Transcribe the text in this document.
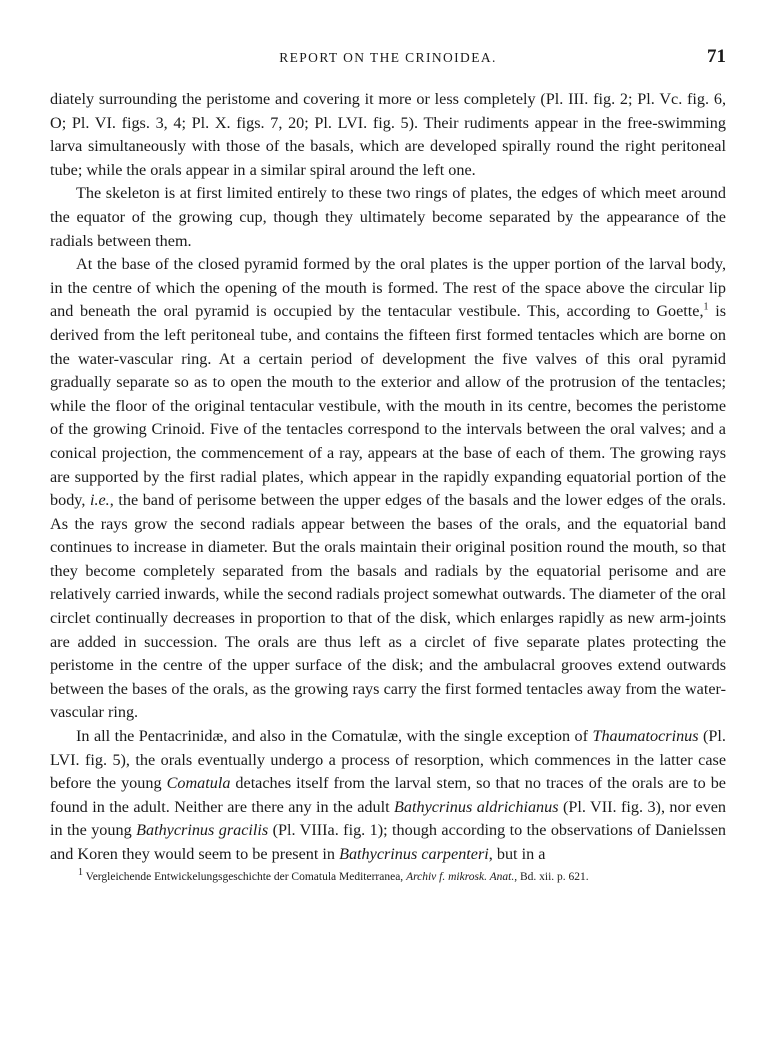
REPORT ON THE CRINOIDEA.	71

diately surrounding the peristome and covering it more or less completely (Pl. III. fig. 2; Pl. Vc. fig. 6, O; Pl. VI. figs. 3, 4; Pl. X. figs. 7, 20; Pl. LVI. fig. 5). Their rudiments appear in the free-swimming larva simultaneously with those of the basals, which are developed spirally round the right peritoneal tube; while the orals appear in a similar spiral around the left one.

The skeleton is at first limited entirely to these two rings of plates, the edges of which meet around the equator of the growing cup, though they ultimately become separated by the appearance of the radials between them.

At the base of the closed pyramid formed by the oral plates is the upper portion of the larval body, in the centre of which the opening of the mouth is formed. The rest of the space above the circular lip and beneath the oral pyramid is occupied by the tentacular vestibule. This, according to Goette,$^1$ is derived from the left peritoneal tube, and contains the fifteen first formed tentacles which are borne on the water-vascular ring. At a certain period of development the five valves of this oral pyramid gradually separate so as to open the mouth to the exterior and allow of the protrusion of the tentacles; while the floor of the original tentacular vestibule, with the mouth in its centre, becomes the peristome of the growing Crinoid. Five of the tentacles correspond to the intervals between the oral valves; and a conical projection, the commencement of a ray, appears at the base of each of them. The growing rays are supported by the first radial plates, which appear in the rapidly expanding equatorial portion of the body, i.e., the band of perisome between the upper edges of the basals and the lower edges of the orals. As the rays grow the second radials appear between the bases of the orals, and the equatorial band continues to increase in diameter. But the orals maintain their original position round the mouth, so that they become completely separated from the basals and radials by the equatorial perisome and are relatively carried inwards, while the second radials project somewhat outwards. The diameter of the oral circlet continually decreases in proportion to that of the disk, which enlarges rapidly as new arm-joints are added in succession. The orals are thus left as a circlet of five separate plates protecting the peristome in the centre of the upper surface of the disk; and the ambulacral grooves extend outwards between the bases of the orals, as the growing rays carry the first formed tentacles away from the water-vascular ring.

In all the Pentacrinidæ, and also in the Comatulæ, with the single exception of Thaumatocrinus (Pl. LVI. fig. 5), the orals eventually undergo a process of resorption, which commences in the latter case before the young Comatula detaches itself from the larval stem, so that no traces of the orals are to be found in the adult. Neither are there any in the adult Bathycrinus aldrichianus (Pl. VII. fig. 3), nor even in the young Bathycrinus gracilis (Pl. VIIIa. fig. 1); though according to the observations of Danielssen and Koren they would seem to be present in Bathycrinus carpenteri, but in a

$^1$ Vergleichende Entwickelungsgeschichte der Comatula Mediterranea, Archiv f. mikrosk. Anat., Bd. xii. p. 621.
